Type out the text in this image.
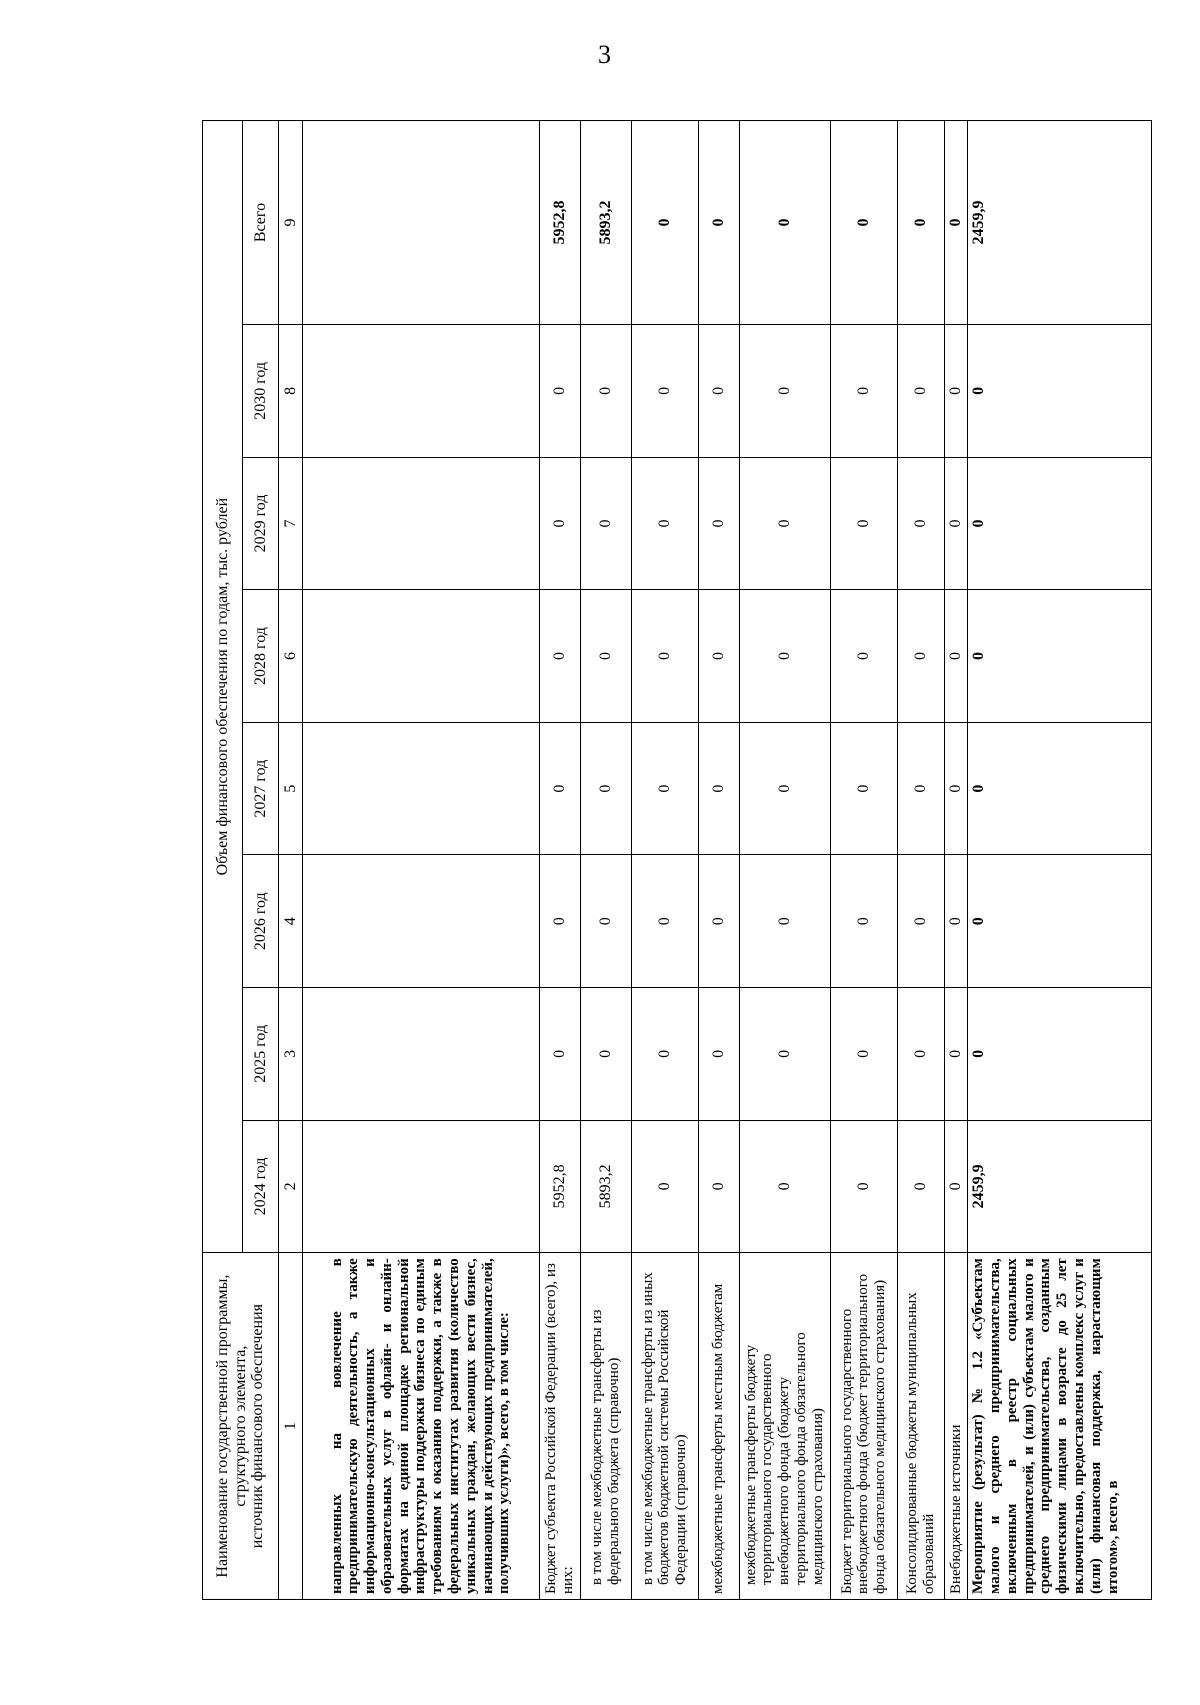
3
Наименование государственной программы, структурного элемента,
источник финансового обеспечения	Объем финансового обеспечения по годам, тыс. рублей							
	2024 год	2025 год	2026 год	2027 год	2028 год	2029 год	2030 год	Всего
1	2	3	4	5	6	7	8	9
направленных на вовлечение в предпринимательскую деятельность, а также информационно-консультационных и образовательных услуг в офлайн- и онлайн-форматах на единой площадке региональной инфраструктуры поддержки бизнеса по единым требованиям к оказанию поддержки, а также в федеральных институтах развития (количество уникальных граждан, желающих вести бизнес, начинающих и действующих предпринимателей, получивших услуги)», всего, в том числе:								
Бюджет субъекта Российской Федерации (всего), из них:	5952,8	0	0	0	0	0	0	5952,8
в том числе межбюджетные трансферты из федерального бюджета (справочно)	5893,2	0	0	0	0	0	0	5893,2
в том числе межбюджетные трансферты из иных бюджетов бюджетной системы Российской Федерации (справочно)	0	0	0	0	0	0	0	0
межбюджетные трансферты местным бюджетам	0	0	0	0	0	0	0	0
межбюджетные трансферты бюджету территориального государственного внебюджетного фонда (бюджету территориального фонда обязательного медицинского страхования)	0	0	0	0	0	0	0	0
Бюджет территориального государственного внебюджетного фонда (бюджет территориального фонда обязательного медицинского страхования)	0	0	0	0	0	0	0	0
Консолидированные бюджеты муниципальных образований	0	0	0	0	0	0	0	0
Внебюджетные источники	0	0	0	0	0	0	0	0
Мероприятие (результат) № 1.2 «Субъектам малого и среднего предпринимательства, включенным в реестр социальных предпринимателей, и (или) субъектам малого и среднего предпринимательства, созданным физическими лицами в возрасте до 25 лет включительно, предоставлены комплекс услуг и (или) финансовая поддержка, нарастающим итогом», всего, в	2459,9	0	0	0	0	0	0	2459,9
